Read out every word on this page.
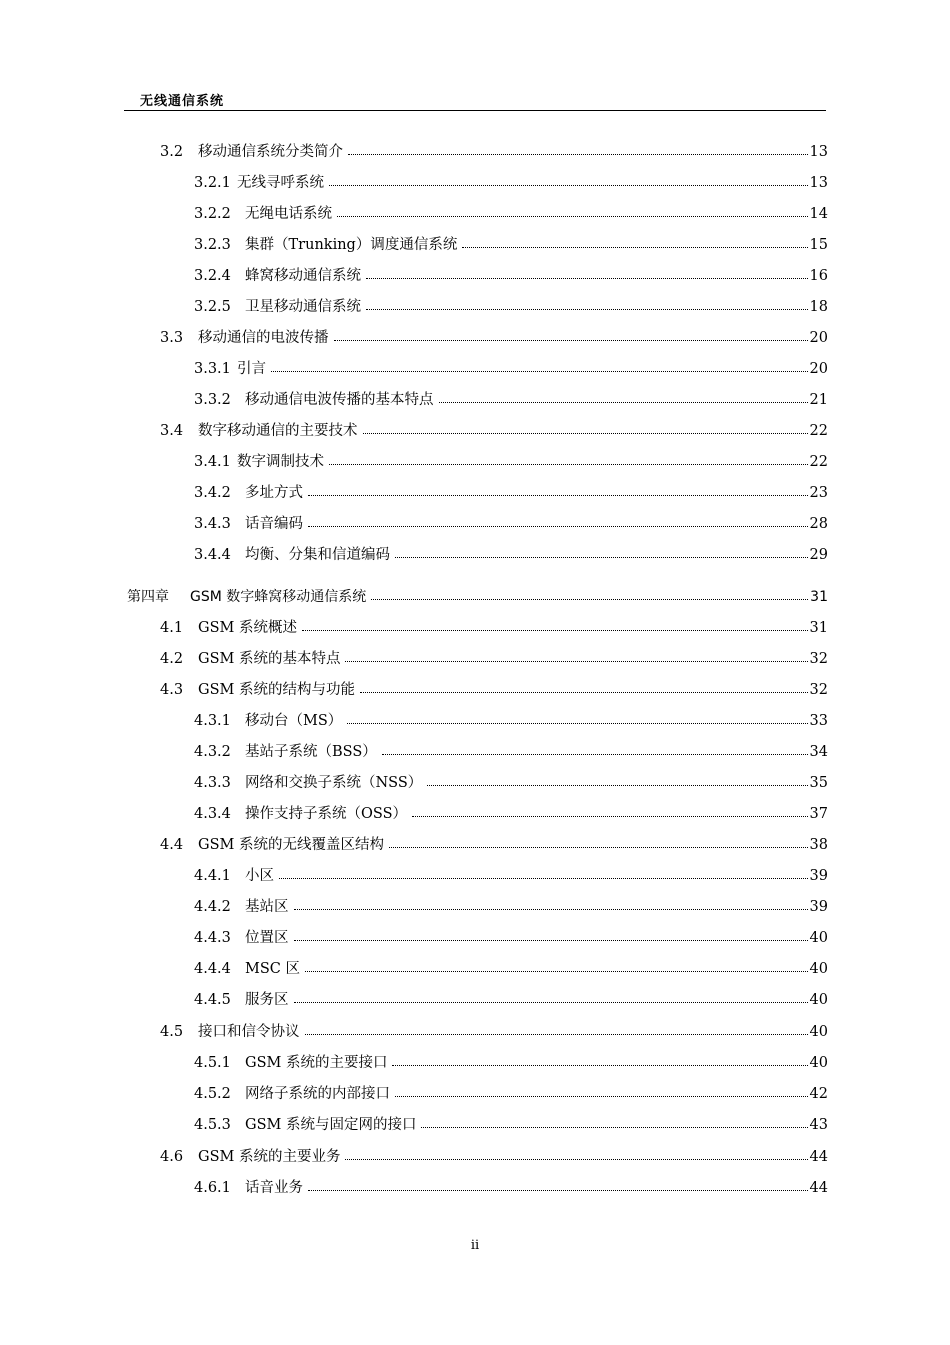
无线通信系统
3.2	移动通信系统分类简介	13
3.2.1 无线寻呼系统	13
3.2.2 无绳电话系统	14
3.2.3 集群（Trunking）调度通信系统	15
3.2.4 蜂窝移动通信系统	16
3.2.5 卫星移动通信系统	18
3.3	移动通信的电波传播	20
3.3.1 引言	20
3.3.2 移动通信电波传播的基本特点	21
3.4	数字移动通信的主要技术	22
3.4.1 数字调制技术	22
3.4.2 多址方式	23
3.4.3 话音编码	28
3.4.4 均衡、分集和信道编码	29
第四章	GSM 数字蜂窝移动通信系统	31
4.1	GSM 系统概述	31
4.2	GSM 系统的基本特点	32
4.3	GSM 系统的结构与功能	32
4.3.1 移动台（MS）	33
4.3.2 基站子系统（BSS）	34
4.3.3 网络和交换子系统（NSS）	35
4.3.4 操作支持子系统（OSS）	37
4.4	GSM 系统的无线覆盖区结构	38
4.4.1 小区	39
4.4.2 基站区	39
4.4.3 位置区	40
4.4.4 MSC 区	40
4.4.5 服务区	40
4.5	接口和信令协议	40
4.5.1 GSM 系统的主要接口	40
4.5.2 网络子系统的内部接口	42
4.5.3 GSM 系统与固定网的接口	43
4.6	GSM 系统的主要业务	44
4.6.1 话音业务	44
ii
